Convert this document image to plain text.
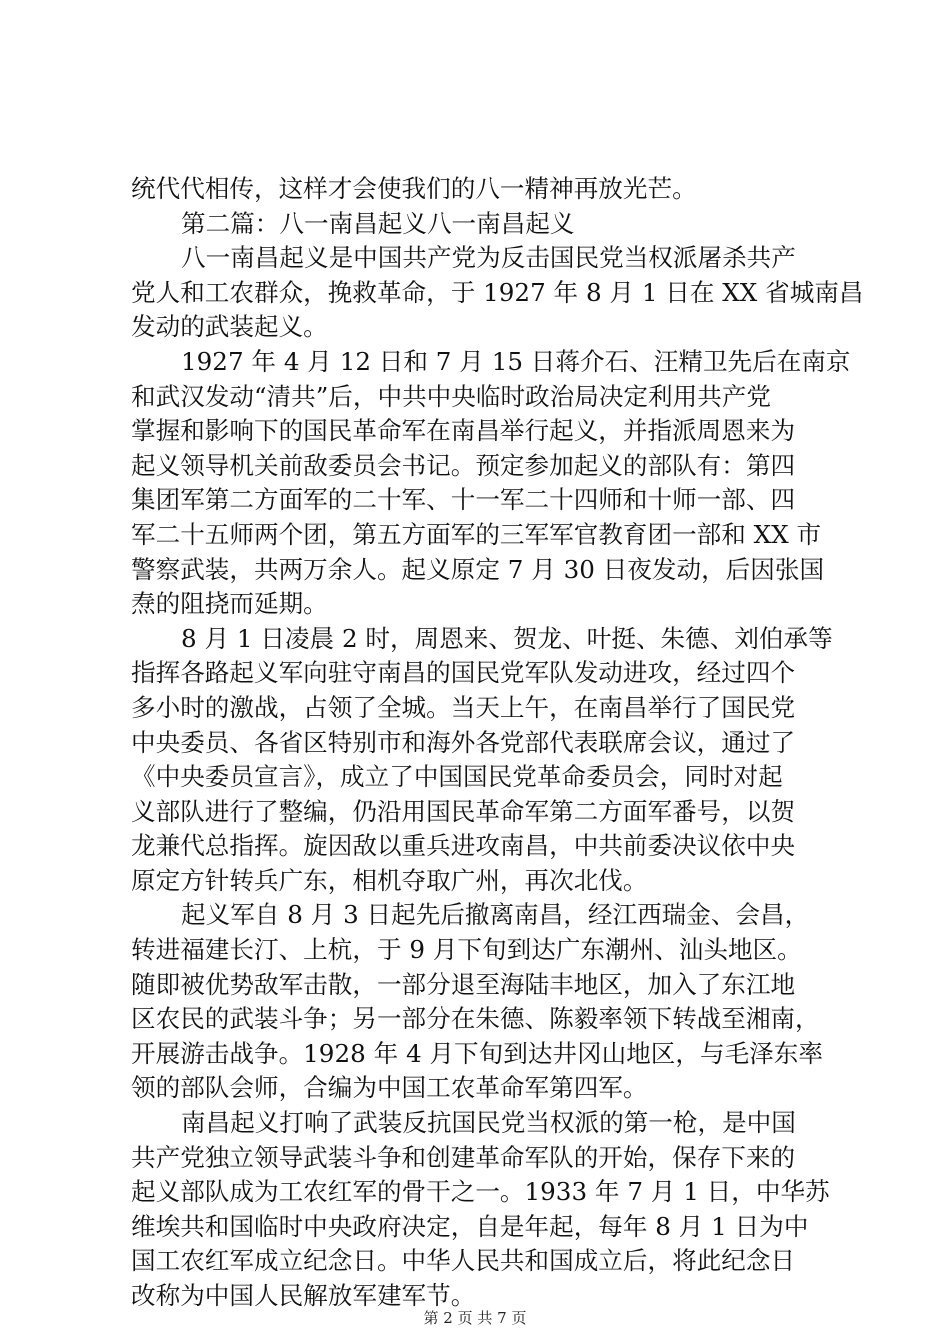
统代代相传，这样才会使我们的八一精神再放光芒。
第二篇：八一南昌起义八一南昌起义
八一南昌起义是中国共产党为反击国民党当权派屠杀共产
党人和工农群众，挽救革命，于 1927 年 8 月 1 日在 XX 省城南昌
发动的武装起义。
1927 年 4 月 12 日和 7 月 15 日蒋介石、汪精卫先后在南京
和武汉发动“清共”后，中共中央临时政治局决定利用共产党
掌握和影响下的国民革命军在南昌举行起义，并指派周恩来为
起义领导机关前敌委员会书记。预定参加起义的部队有：第四
集团军第二方面军的二十军、十一军二十四师和十师一部、四
军二十五师两个团，第五方面军的三军军官教育团一部和 XX 市
警察武装，共两万余人。起义原定 7 月 30 日夜发动，后因张国
焘的阻挠而延期。
8 月 1 日凌晨 2 时，周恩来、贺龙、叶挺、朱德、刘伯承等
指挥各路起义军向驻守南昌的国民党军队发动进攻，经过四个
多小时的激战，占领了全城。当天上午，在南昌举行了国民党
中央委员、各省区特别市和海外各党部代表联席会议，通过了
《中央委员宣言》，成立了中国国民党革命委员会，同时对起
义部队进行了整编，仍沿用国民革命军第二方面军番号，以贺
龙兼代总指挥。旋因敌以重兵进攻南昌，中共前委决议依中央
原定方针转兵广东，相机夺取广州，再次北伐。
起义军自 8 月 3 日起先后撤离南昌，经江西瑞金、会昌，
转进福建长汀、上杭，于 9 月下旬到达广东潮州、汕头地区。
随即被优势敌军击散，一部分退至海陆丰地区，加入了东江地
区农民的武装斗争；另一部分在朱德、陈毅率领下转战至湘南，
开展游击战争。1928 年 4 月下旬到达井冈山地区，与毛泽东率
领的部队会师，合编为中国工农革命军第四军。
南昌起义打响了武装反抗国民党当权派的第一枪，是中国
共产党独立领导武装斗争和创建革命军队的开始，保存下来的
起义部队成为工农红军的骨干之一。1933 年 7 月 1 日，中华苏
维埃共和国临时中央政府决定，自是年起，每年 8 月 1 日为中
国工农红军成立纪念日。中华人民共和国成立后，将此纪念日
改称为中国人民解放军建军节。
第 2 页 共 7 页
